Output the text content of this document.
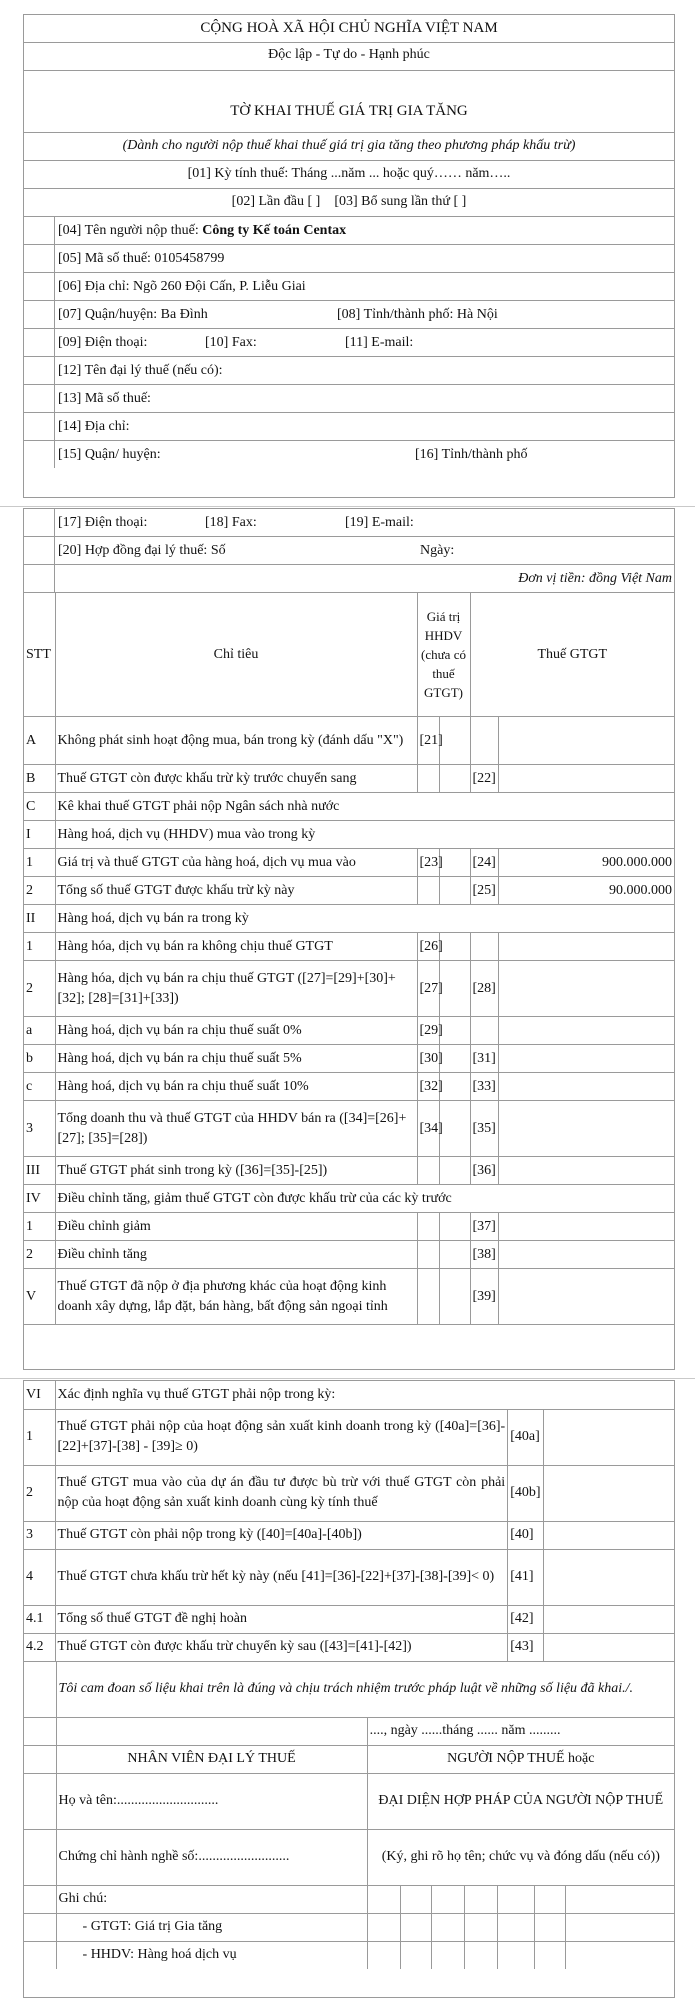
CỘNG HOÀ XÃ HỘI CHỦ NGHĨA VIỆT NAM
Độc lập - Tự do - Hạnh phúc
TỜ KHAI THUẾ GIÁ TRỊ GIA TĂNG
(Dành cho người nộp thuế khai thuế giá trị gia tăng theo phương pháp khấu trừ)
[01] Kỳ tính thuế: Tháng ...năm ... hoặc quý…… năm…..
[02] Lần đầu [ ] [03] Bổ sung lần thứ [ ]
[04] Tên người nộp thuế: Công ty Kế toán Centax
[05] Mã số thuế: 0105458799
[06] Địa chỉ: Ngõ 260 Đội Cấn, P. Liễu Giai
[07] Quận/huyện: Ba Đình	[08] Tỉnh/thành phố: Hà Nội
[09] Điện thoại:	[10] Fax:	[11] E-mail:
[12] Tên đại lý thuế (nếu có):
[13] Mã số thuế:
[14] Địa chỉ:
[15] Quận/ huyện:	[16] Tỉnh/thành phố
[17] Điện thoại:	[18] Fax:	[19] E-mail:
[20] Hợp đồng đại lý thuế: Số	Ngày:
Đơn vị tiền: đồng Việt Nam
STT	Chỉ tiêu	Giá trị HHDV (chưa có thuế GTGT)		Thuế GTGT	
A	Không phát sinh hoạt động mua, bán trong kỳ (đánh dấu "X")	[21]			
B	Thuế GTGT còn được khấu trừ kỳ trước chuyển sang			[22]	
C	Kê khai thuế GTGT phải nộp Ngân sách nhà nước				
I	Hàng hoá, dịch vụ (HHDV) mua vào trong kỳ				
1	Giá trị và thuế GTGT của hàng hoá, dịch vụ mua vào	[23]		[24]	900.000.000
2	Tổng số thuế GTGT được khấu trừ kỳ này			[25]	90.000.000
II	Hàng hoá, dịch vụ bán ra trong kỳ				
1	Hàng hóa, dịch vụ bán ra không chịu thuế GTGT	[26]			
2	Hàng hóa, dịch vụ bán ra chịu thuế GTGT ([27]=[29]+[30]+[32]; [28]=[31]+[33])	[27]		[28]	
a	Hàng hoá, dịch vụ bán ra chịu thuế suất 0%	[29]			
b	Hàng hoá, dịch vụ bán ra chịu thuế suất 5%	[30]		[31]	
c	Hàng hoá, dịch vụ bán ra chịu thuế suất 10%	[32]		[33]	
3	Tổng doanh thu và thuế GTGT của HHDV bán ra ([34]=[26]+[27]; [35]=[28])	[34]		[35]	
III	Thuế GTGT phát sinh trong kỳ ([36]=[35]-[25])			[36]	
IV	Điều chỉnh tăng, giảm thuế GTGT còn được khấu trừ của các kỳ trước				
1	Điều chỉnh giảm			[37]	
2	Điều chỉnh tăng			[38]	
V	Thuế GTGT đã nộp ở địa phương khác của hoạt động kinh doanh xây dựng, lắp đặt, bán hàng, bất động sản ngoại tỉnh			[39]	
VI	Xác định nghĩa vụ thuế GTGT phải nộp trong kỳ:		
1	Thuế GTGT phải nộp của hoạt động sản xuất kinh doanh trong kỳ ([40a]=[36]-[22]+[37]-[38] - [39]≥ 0)	[40a]	
2	Thuế GTGT mua vào của dự án đầu tư được bù trừ với thuế GTGT còn phải nộp của hoạt động sản xuất kinh doanh cùng kỳ tính thuế	[40b]	
3	Thuế GTGT còn phải nộp trong kỳ ([40]=[40a]-[40b])	[40]	
4	Thuế GTGT chưa khấu trừ hết kỳ này (nếu [41]=[36]-[22]+[37]-[38]-[39]< 0)	[41]	
4.1	Tổng số thuế GTGT đề nghị hoàn	[42]	
4.2	Thuế GTGT còn được khấu trừ chuyển kỳ sau ([43]=[41]-[42])	[43]	
	Tôi cam đoan số liệu khai trên là đúng và chịu trách nhiệm trước pháp luật về những số liệu đã khai./.							
		...., ngày ......tháng ...... năm .........						
	NHÂN VIÊN ĐẠI LÝ THUẾ	NGƯỜI NỘP THUẾ hoặc						
	Họ và tên:.............................	ĐẠI DIỆN HỢP PHÁP CỦA NGƯỜI NỘP THUẾ						
	Chứng chỉ hành nghề số:..........................	(Ký, ghi rõ họ tên; chức vụ và đóng dấu (nếu có))						
	Ghi chú:							
	- GTGT: Giá trị Gia tăng							
	- HHDV: Hàng hoá dịch vụ							
